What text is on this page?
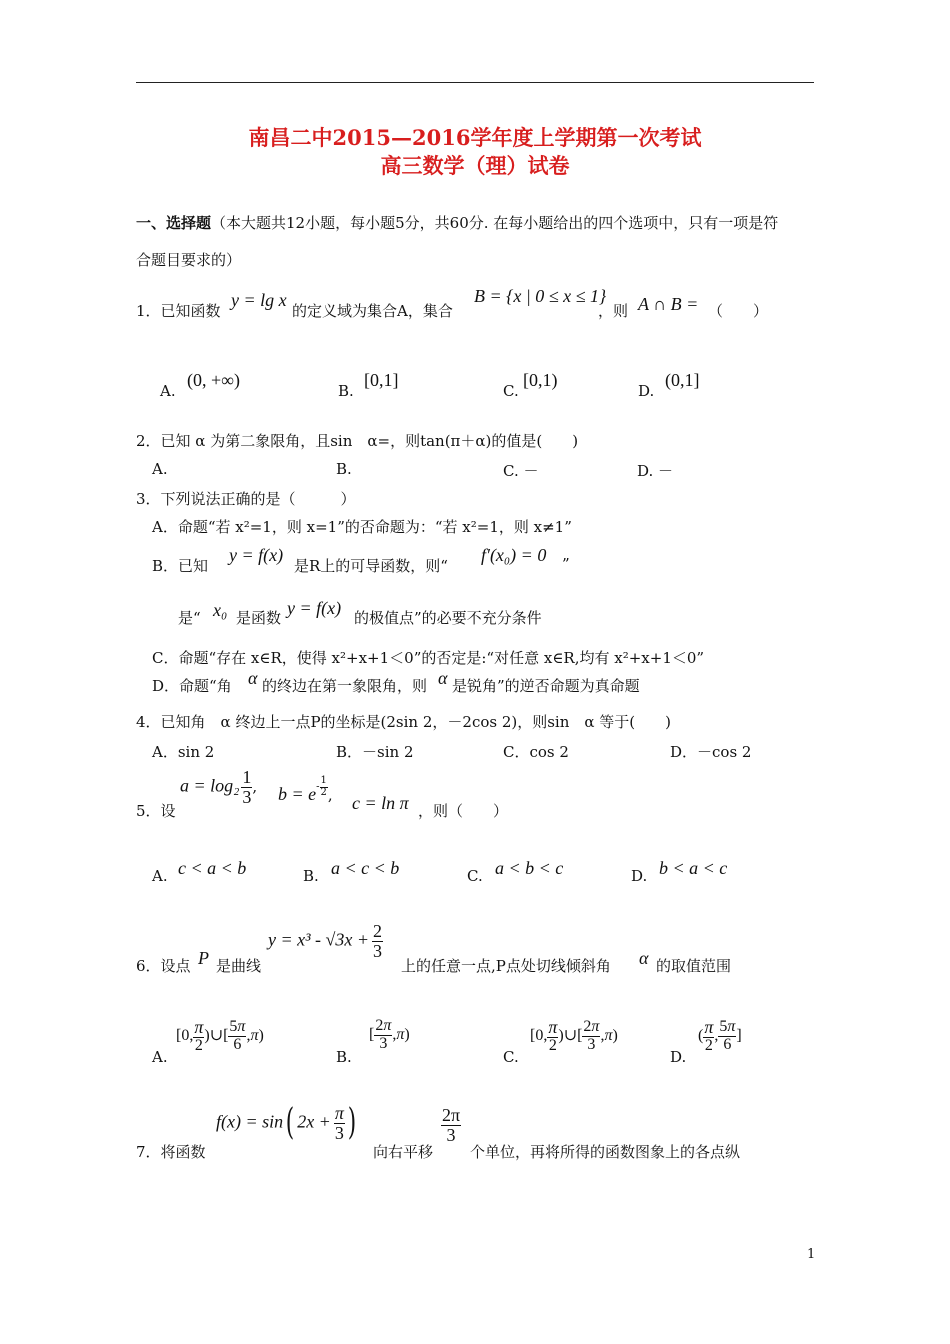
南昌二中2015—2016学年度上学期第一次考试
高三数学（理）试卷
一、选择题（本大题共12小题，每小题5分，共60分. 在每小题给出的四个选项中，只有一项是符
合题目要求的）
1．已知函数
y = lg x
的定义域为集合A，集合
B = {x | 0 ≤ x ≤ 1}
，则 A ∩ B = （　　）
A.
(0, +∞)
B.
[0,1]
C.
[0,1)
D.
(0,1]
2．已知 α 为第二象限角，且sin　α=，则tan(π＋α)的值是(　　)
A.	B.	C. －	D. －
3．下列说法正确的是（　　　）
A．命题“若 x²=1，则 x=1”的否命题为：“若 x²=1，则 x≠1”
B．已知
y = f(x)
是R上的可导函数，则“
f′(x₀) = 0 ”
是“ x₀ 是函数 y = f(x) 的极值点”的必要不充分条件
C．命题“存在 x∈R，使得 x²+x+1＜0”的否定是:“对任意 x∈R,均有 x²+x+1＜0”
D．命题“角 α 的终边在第一象限角，则 α 是锐角”的逆否命题为真命题
4．已知角　α 终边上一点P的坐标是(2sin 2，－2cos 2)，则sin　α 等于(　　)
A．sin 2	B．－sin 2	C．cos 2	D．－cos 2
5．设
$a = \log_2 \frac{1}{3}$ , $b = e- \frac{1}{2}$ , c = ln π ，则（　　）
A. c < a < b	B. a < c < b	C. a < b < c	D. b < a < c
6．设点 P 是曲线
$y = x^3 - √3x + \frac{2}{3}$
上的任意一点,P点处切线倾斜角 α 的取值范围
A.
[0, $\frac{\pi}{2}$ )∪[ $\frac{5\pi}{6} ,\pi$)
B.
[ $\frac{2\pi}{3} ,\pi$)
C.
[0, $\frac{\pi}{2}$ )∪[ $\frac{2\pi}{3} ,\pi$)
D.
( $\frac{\pi}{2}$ , $\frac{5\pi}{6}$ ]
7．将函数
f(x) = sin( $2x + \frac{\pi}{3}$ )
向右平移
$\frac{2\pi}{3}$
个单位，再将所得的函数图象上的各点纵
1
